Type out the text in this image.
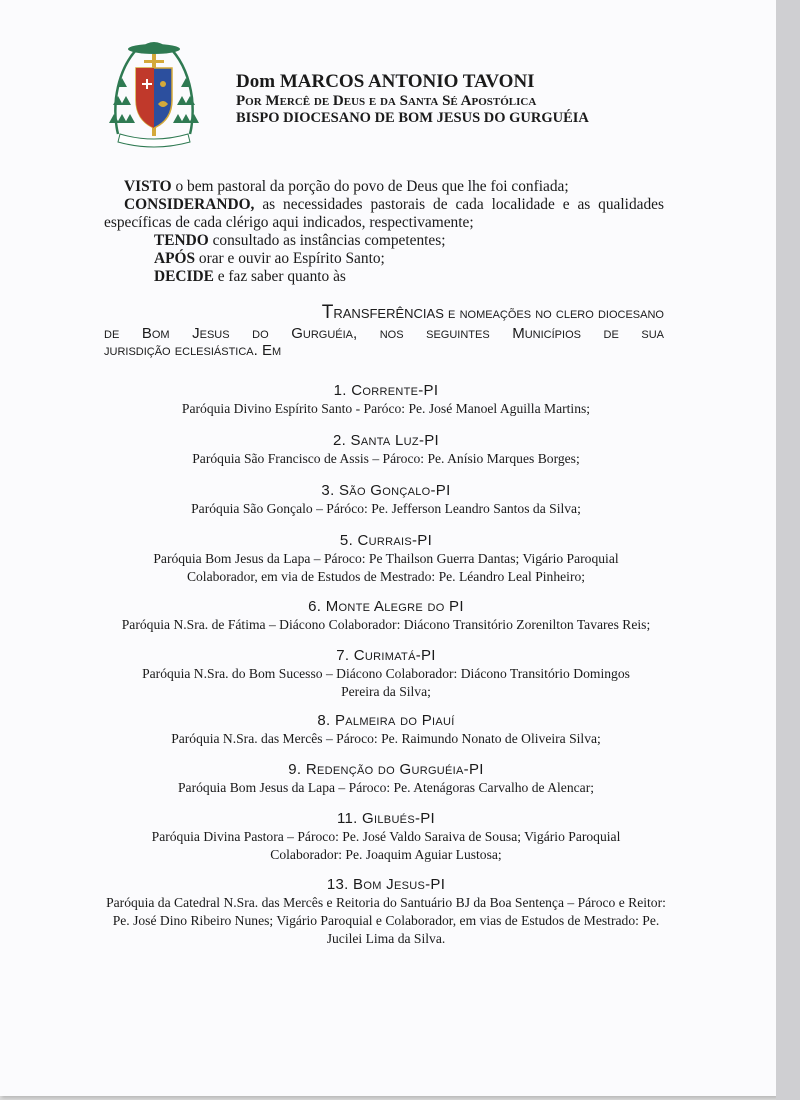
Dom MARCOS ANTONIO TAVONI

Por Mercê de Deus e da Santa Sé Apostólica

BISPO DIOCESANO DE BOM JESUS DO GURGUÉIA

VISTO o bem pastoral da porção do povo de Deus que lhe foi confiada;

CONSIDERANDO, as necessidades pastorais de cada localidade e as qualidades específicas de cada clérigo aqui indicados, respectivamente;

TENDO consultado as instâncias competentes;

APÓS orar e ouvir ao Espírito Santo;

DECIDE e faz saber quanto às

Transferências e nomeações no clero diocesano

de Bom Jesus do Gurguéia, nos seguintes Municípios de sua

jurisdição eclesiástica. Em

1. Corrente-PI

Paróquia Divino Espírito Santo - Paróco: Pe. José Manoel Aguilla Martins;

2. Santa Luz-PI

Paróquia São Francisco de Assis – Pároco: Pe. Anísio Marques Borges;

3. São Gonçalo-PI

Paróquia São Gonçalo – Páróco: Pe. Jefferson Leandro Santos da Silva;

5. Currais-PI

Paróquia Bom Jesus da Lapa – Pároco: Pe Thailson Guerra Dantas; Vigário Paroquial Colaborador, em via de Estudos de Mestrado: Pe. Léandro Leal Pinheiro;

6. Monte Alegre do PI

Paróquia N.Sra. de Fátima – Diácono Colaborador: Diácono Transitório Zorenilton Tavares Reis;

7. Curimatá-PI

Paróquia N.Sra. do Bom Sucesso – Diácono Colaborador: Diácono Transitório Domingos Pereira da Silva;

8. Palmeira do Piauí

Paróquia N.Sra. das Mercês – Pároco: Pe. Raimundo Nonato de Oliveira Silva;

9. Redenção do Gurguéia-PI

Paróquia Bom Jesus da Lapa – Pároco: Pe. Atenágoras Carvalho de Alencar;

11. Gilbués-PI

Paróquia Divina Pastora – Pároco: Pe. José Valdo Saraiva de Sousa; Vigário Paroquial Colaborador: Pe. Joaquim Aguiar Lustosa;

13. Bom Jesus-PI

Paróquia da Catedral N.Sra. das Mercês e Reitoria do Santuário BJ da Boa Sentença – Pároco e Reitor: Pe. José Dino Ribeiro Nunes; Vigário Paroquial e Colaborador, em vias de Estudos de Mestrado: Pe. Jucilei Lima da Silva.
